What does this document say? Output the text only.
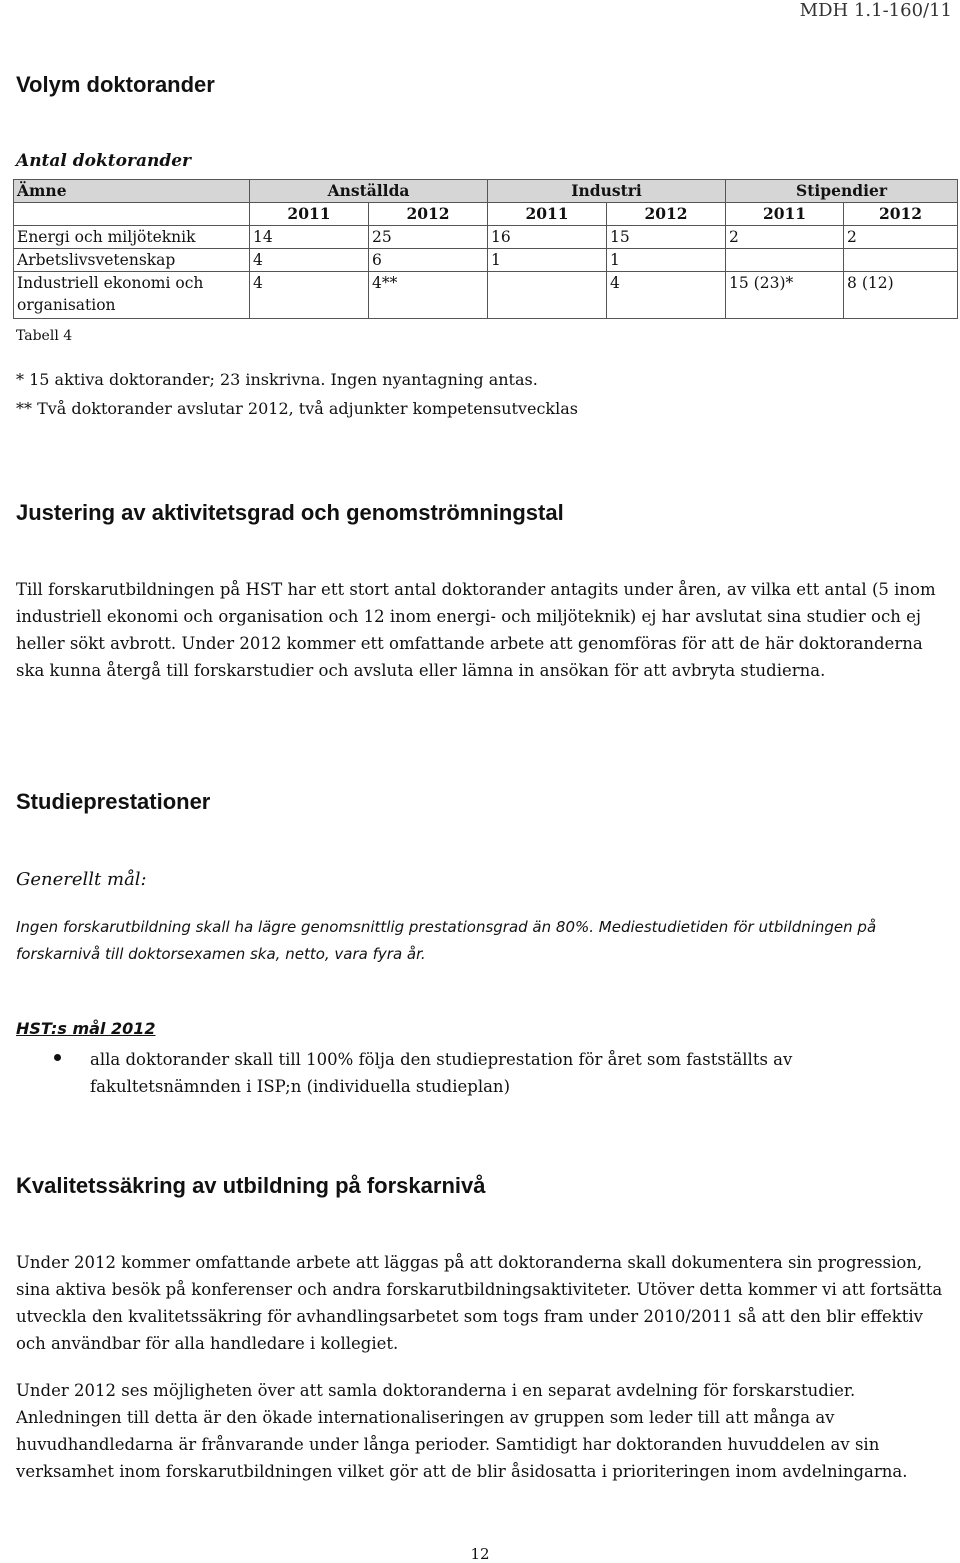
MDH 1.1-160/11
Volym doktorander
Antal doktorander
Ämne	Anställda		Industri		Stipendier	
	2011	2012	2011	2012	2011	2012
Energi och miljöteknik	14	25	16	15	2	2
Arbetslivsvetenskap	4	6	1	1		
Industriell ekonomi och organisation	4	4**		4	15 (23)*	8 (12)
Tabell 4
* 15 aktiva doktorander; 23 inskrivna. Ingen nyantagning antas.
** Två doktorander avslutar 2012, två adjunkter kompetensutvecklas
Justering av aktivitetsgrad och genomströmningstal
Till forskarutbildningen på HST har ett stort antal doktorander antagits under åren, av vilka ett antal (5 inom industriell ekonomi och organisation och 12 inom energi- och miljöteknik) ej har avslutat sina studier och ej heller sökt avbrott. Under 2012 kommer ett omfattande arbete att genomföras för att de här doktoranderna ska kunna återgå till forskarstudier och avsluta eller lämna in ansökan för att avbryta studierna.
Studieprestationer
Generellt mål:
Ingen forskarutbildning skall ha lägre genomsnittlig prestationsgrad än 80%. Mediestudietiden för utbildningen på forskarnivå till doktorsexamen ska, netto, vara fyra år.
HST:s mål 2012
alla doktorander skall till 100% följa den studieprestation för året som fastställts av fakultetsnämnden i ISP;n (individuella studieplan)
Kvalitetssäkring av utbildning på forskarnivå
Under 2012 kommer omfattande arbete att läggas på att doktoranderna skall dokumentera sin progression, sina aktiva besök på konferenser och andra forskarutbildningsaktiviteter. Utöver detta kommer vi att fortsätta utveckla den kvalitetssäkring för avhandlingsarbetet som togs fram under 2010/2011 så att den blir effektiv och användbar för alla handledare i kollegiet.
Under 2012 ses möjligheten över att samla doktoranderna i en separat avdelning för forskarstudier. Anledningen till detta är den ökade internationaliseringen av gruppen som leder till att många av huvudhandledarna är frånvarande under långa perioder. Samtidigt har doktoranden huvuddelen av sin verksamhet inom forskarutbildningen vilket gör att de blir åsidosatta i prioriteringen inom avdelningarna.
12
